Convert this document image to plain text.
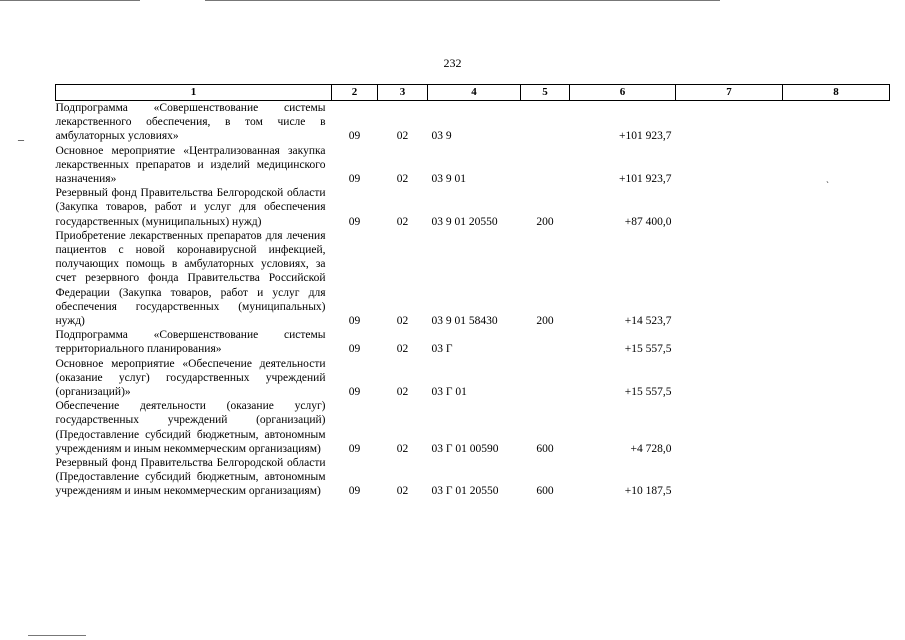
–
`
232
1	2	3	4	5	6	7	8
Подпрограмма «Совершенствование системы лекарственного обеспечения, в том числе в амбулаторных условиях»	09	02	03 9		+101 923,7		
Основное мероприятие «Централизованная закупка лекарственных препаратов и изделий медицинского назначения»	09	02	03 9 01		+101 923,7		
Резервный фонд Правительства Белгородской области (Закупка товаров, работ и услуг для обеспечения государственных (муниципальных) нужд)	09	02	03 9 01 20550	200	+87 400,0		
Приобретение лекарственных препаратов для лечения пациентов с новой коронавирусной инфекцией, получающих помощь в амбулаторных условиях, за счет резервного фонда Правительства Российской Федерации (Закупка товаров, работ и услуг для обеспечения государственных (муниципальных) нужд)	09	02	03 9 01 58430	200	+14 523,7		
Подпрограмма «Совершенствование системы территориального планирования»	09	02	03 Г		+15 557,5		
Основное мероприятие «Обеспечение деятельности (оказание услуг) государственных учреждений (организаций)»	09	02	03 Г 01		+15 557,5		
Обеспечение деятельности (оказание услуг) государственных учреждений (организаций) (Предоставление субсидий бюджетным, автономным учреждениям и иным некоммерческим организациям)	09	02	03 Г 01 00590	600	+4 728,0		
Резервный фонд Правительства Белгородской области (Предоставление субсидий бюджетным, автономным учреждениям и иным некоммерческим организациям)	09	02	03 Г 01 20550	600	+10 187,5		
